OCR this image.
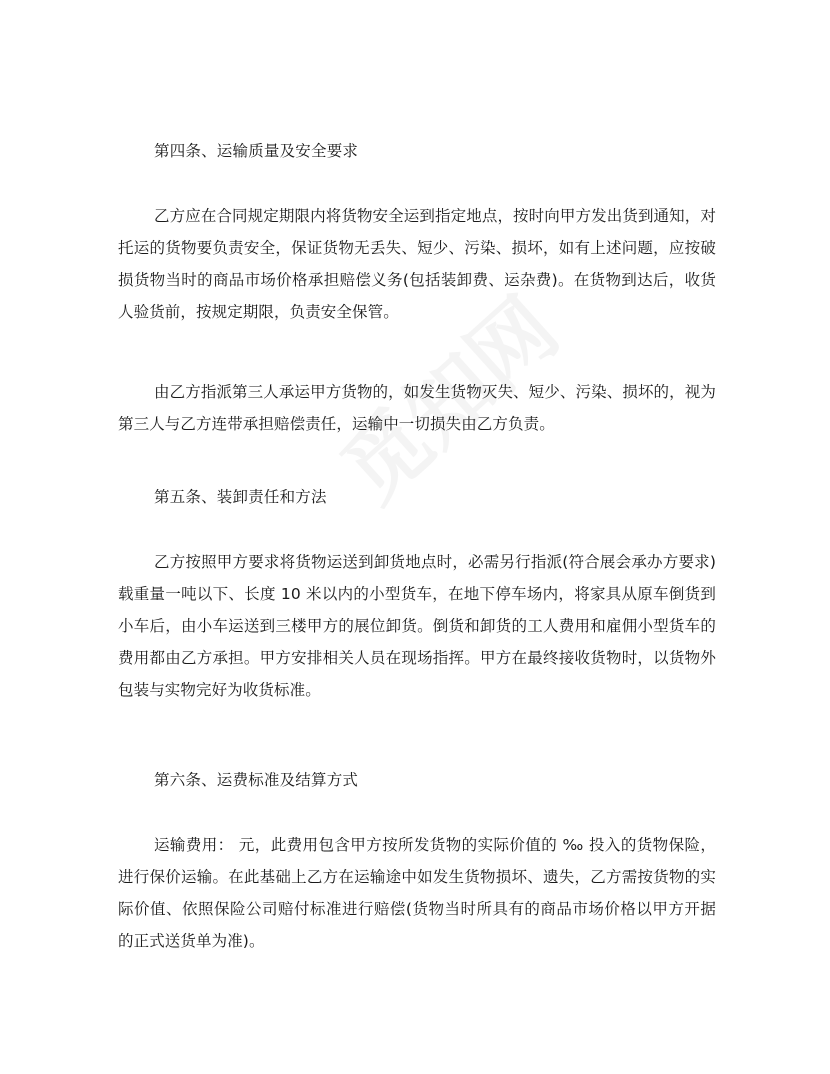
第四条、运输质量及安全要求
乙方应在合同规定期限内将货物安全运到指定地点，按时向甲方发出货到通知，对托运的货物要负责安全，保证货物无丢失、短少、污染、损坏，如有上述问题，应按破损货物当时的商品市场价格承担赔偿义务(包括装卸费、运杂费)。在货物到达后，收货人验货前，按规定期限，负责安全保管。
由乙方指派第三人承运甲方货物的，如发生货物灭失、短少、污染、损坏的，视为第三人与乙方连带承担赔偿责任，运输中一切损失由乙方负责。
第五条、装卸责任和方法
乙方按照甲方要求将货物运送到卸货地点时，必需另行指派(符合展会承办方要求) 载重量一吨以下、长度 10 米以内的小型货车，在地下停车场内，将家具从原车倒货到小车后，由小车运送到三楼甲方的展位卸货。倒货和卸货的工人费用和雇佣小型货车的费用都由乙方承担。甲方安排相关人员在现场指挥。甲方在最终接收货物时，以货物外包装与实物完好为收货标准。
第六条、运费标准及结算方式
运输费用： 元，此费用包含甲方按所发货物的实际价值的 ‰ 投入的货物保险，进行保价运输。在此基础上乙方在运输途中如发生货物损坏、遗失，乙方需按货物的实际价值、依照保险公司赔付标准进行赔偿(货物当时所具有的商品市场价格以甲方开据的正式送货单为准)。
